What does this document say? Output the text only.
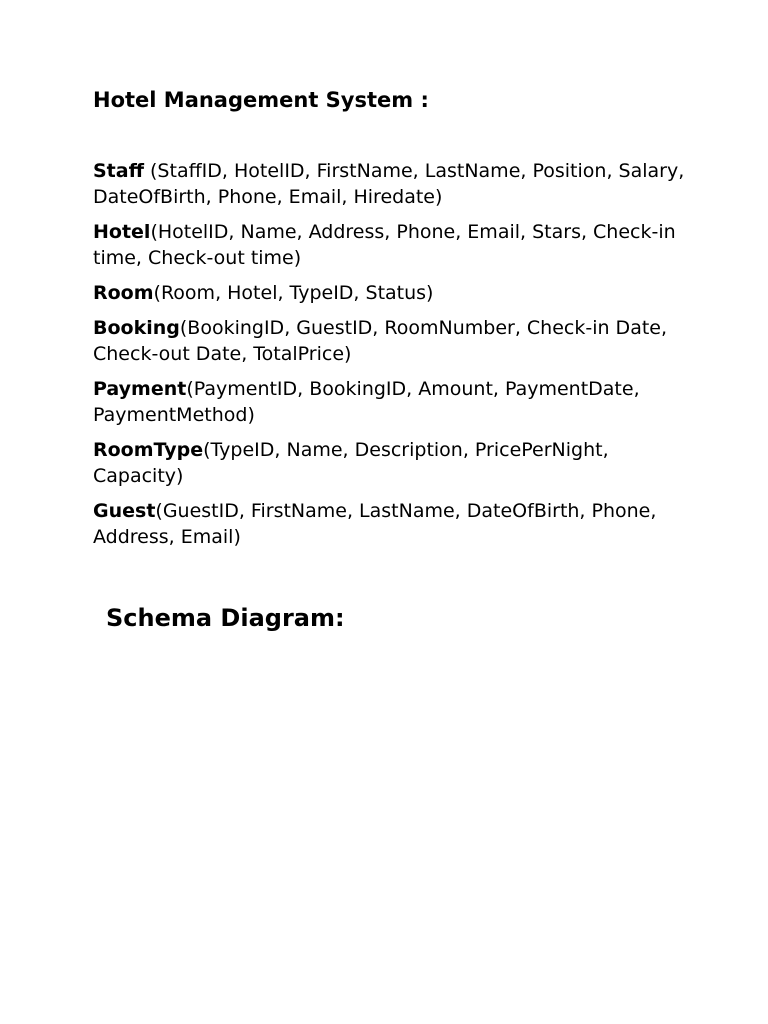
Hotel Management System :
Staff (StaffID, HotelID, FirstName, LastName, Position, Salary, DateOfBirth, Phone, Email, Hiredate)
Hotel(HotelID, Name, Address, Phone, Email, Stars, Check-in time, Check-out time)
Room(Room, Hotel, TypeID, Status)
Booking(BookingID, GuestID, RoomNumber, Check-in Date, Check-out Date, TotalPrice)
Payment(PaymentID, BookingID, Amount, PaymentDate, PaymentMethod)
RoomType(TypeID, Name, Description, PricePerNight, Capacity)
Guest(GuestID, FirstName, LastName, DateOfBirth, Phone, Address, Email)
Schema Diagram:
